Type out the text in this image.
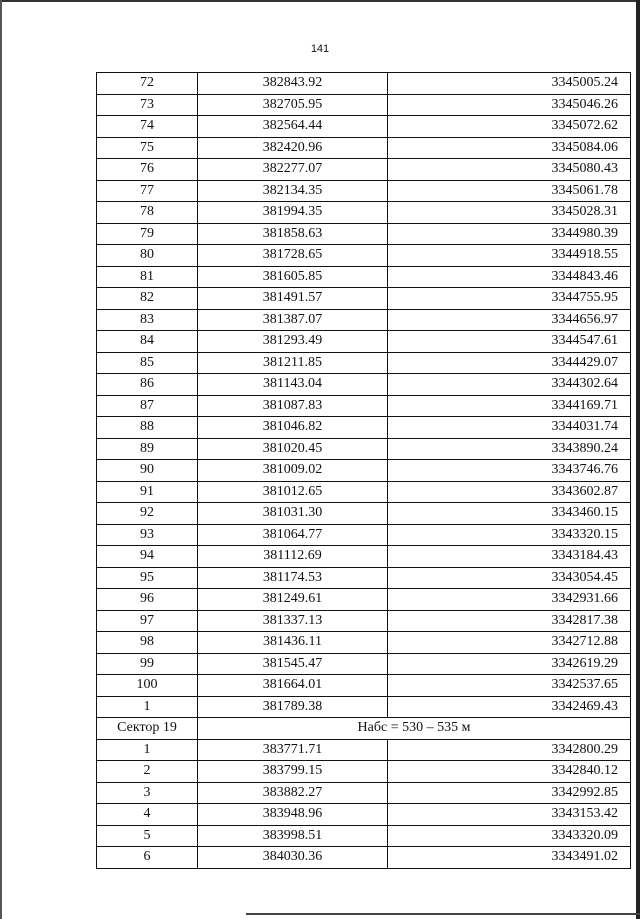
141
72	382843.92	3345005.24
73	382705.95	3345046.26
74	382564.44	3345072.62
75	382420.96	3345084.06
76	382277.07	3345080.43
77	382134.35	3345061.78
78	381994.35	3345028.31
79	381858.63	3344980.39
80	381728.65	3344918.55
81	381605.85	3344843.46
82	381491.57	3344755.95
83	381387.07	3344656.97
84	381293.49	3344547.61
85	381211.85	3344429.07
86	381143.04	3344302.64
87	381087.83	3344169.71
88	381046.82	3344031.74
89	381020.45	3343890.24
90	381009.02	3343746.76
91	381012.65	3343602.87
92	381031.30	3343460.15
93	381064.77	3343320.15
94	381112.69	3343184.43
95	381174.53	3343054.45
96	381249.61	3342931.66
97	381337.13	3342817.38
98	381436.11	3342712.88
99	381545.47	3342619.29
100	381664.01	3342537.65
1	381789.38	3342469.43
Сектор 19	Набс = 530 – 535 м	
1	383771.71	3342800.29
2	383799.15	3342840.12
3	383882.27	3342992.85
4	383948.96	3343153.42
5	383998.51	3343320.09
6	384030.36	3343491.02
